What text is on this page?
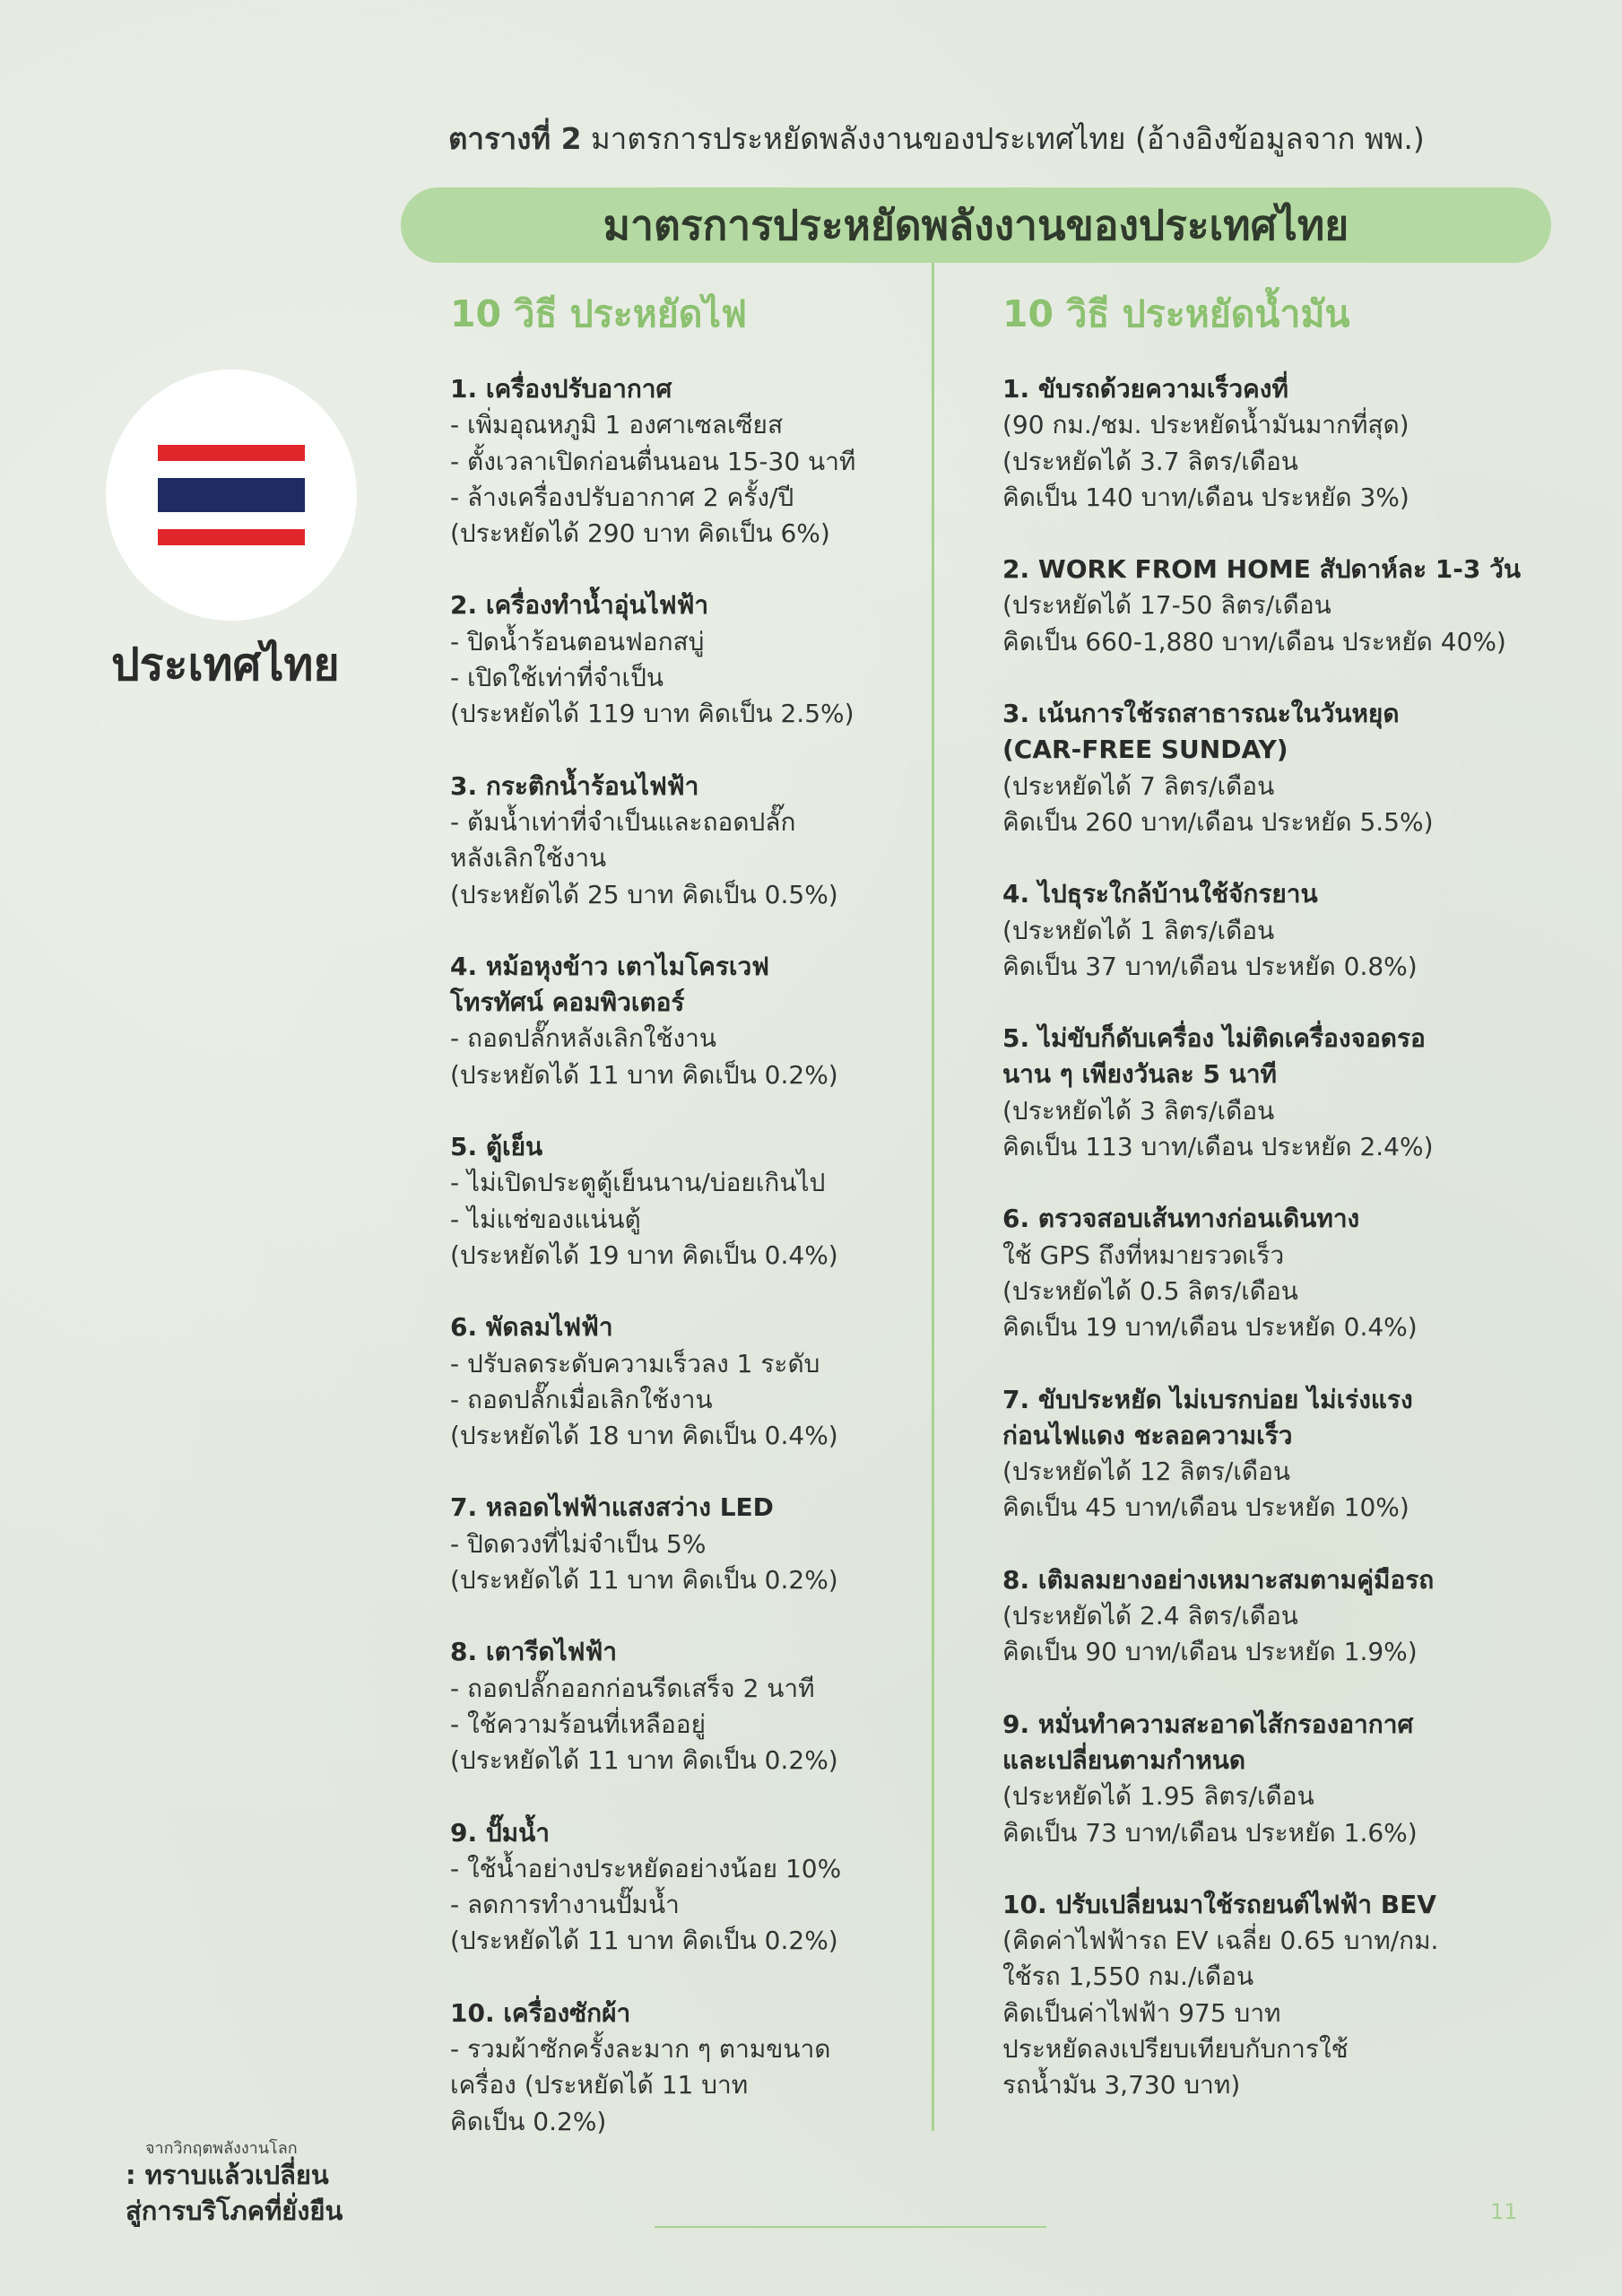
ตารางที่ 2 มาตรการประหยัดพลังงานของประเทศไทย (อ้างอิงข้อมูลจาก พพ.)
มาตรการประหยัดพลังงานของประเทศไทย
ประเทศไทย
10 วิธี ประหยัดไฟ
1. เครื่องปรับอากาศ
- เพิ่มอุณหภูมิ 1 องศาเซลเซียส
- ตั้งเวลาเปิดก่อนตื่นนอน 15-30 นาที
- ล้างเครื่องปรับอากาศ 2 ครั้ง/ปี
(ประหยัดได้ 290 บาท คิดเป็น 6%)
2. เครื่องทำน้ำอุ่นไฟฟ้า
- ปิดน้ำร้อนตอนฟอกสบู่
- เปิดใช้เท่าที่จำเป็น
(ประหยัดได้ 119 บาท คิดเป็น 2.5%)
3. กระติกน้ำร้อนไฟฟ้า
- ต้มน้ำเท่าที่จำเป็นและถอดปลั๊ก
หลังเลิกใช้งาน
(ประหยัดได้ 25 บาท คิดเป็น 0.5%)
4. หม้อหุงข้าว เตาไมโครเวฟ
โทรทัศน์ คอมพิวเตอร์
- ถอดปลั๊กหลังเลิกใช้งาน
(ประหยัดได้ 11 บาท คิดเป็น 0.2%)
5. ตู้เย็น
- ไม่เปิดประตูตู้เย็นนาน/บ่อยเกินไป
- ไม่แช่ของแน่นตู้
(ประหยัดได้ 19 บาท คิดเป็น 0.4%)
6. พัดลมไฟฟ้า
- ปรับลดระดับความเร็วลง 1 ระดับ
- ถอดปลั๊กเมื่อเลิกใช้งาน
(ประหยัดได้ 18 บาท คิดเป็น 0.4%)
7. หลอดไฟฟ้าแสงสว่าง LED
- ปิดดวงที่ไม่จำเป็น 5%
(ประหยัดได้ 11 บาท คิดเป็น 0.2%)
8. เตารีดไฟฟ้า
- ถอดปลั๊กออกก่อนรีดเสร็จ 2 นาที
- ใช้ความร้อนที่เหลืออยู่
(ประหยัดได้ 11 บาท คิดเป็น 0.2%)
9. ปั๊มน้ำ
- ใช้น้ำอย่างประหยัดอย่างน้อย 10%
- ลดการทำงานปั๊มน้ำ
(ประหยัดได้ 11 บาท คิดเป็น 0.2%)
10. เครื่องซักผ้า
- รวมผ้าซักครั้งละมาก ๆ ตามขนาด
เครื่อง (ประหยัดได้ 11 บาท
คิดเป็น 0.2%)
10 วิธี ประหยัดน้ำมัน
1. ขับรถด้วยความเร็วคงที่
(90 กม./ชม. ประหยัดน้ำมันมากที่สุด)
(ประหยัดได้ 3.7 ลิตร/เดือน
คิดเป็น 140 บาท/เดือน ประหยัด 3%)
2. WORK FROM HOME สัปดาห์ละ 1-3 วัน
(ประหยัดได้ 17-50 ลิตร/เดือน
คิดเป็น 660-1,880 บาท/เดือน ประหยัด 40%)
3. เน้นการใช้รถสาธารณะในวันหยุด
(CAR-FREE SUNDAY)
(ประหยัดได้ 7 ลิตร/เดือน
คิดเป็น 260 บาท/เดือน ประหยัด 5.5%)
4. ไปธุระใกล้บ้านใช้จักรยาน
(ประหยัดได้ 1 ลิตร/เดือน
คิดเป็น 37 บาท/เดือน ประหยัด 0.8%)
5. ไม่ขับก็ดับเครื่อง ไม่ติดเครื่องจอดรอ
นาน ๆ เพียงวันละ 5 นาที
(ประหยัดได้ 3 ลิตร/เดือน
คิดเป็น 113 บาท/เดือน ประหยัด 2.4%)
6. ตรวจสอบเส้นทางก่อนเดินทาง
ใช้ GPS ถึงที่หมายรวดเร็ว
(ประหยัดได้ 0.5 ลิตร/เดือน
คิดเป็น 19 บาท/เดือน ประหยัด 0.4%)
7. ขับประหยัด ไม่เบรกบ่อย ไม่เร่งแรง
ก่อนไฟแดง ชะลอความเร็ว
(ประหยัดได้ 12 ลิตร/เดือน
คิดเป็น 45 บาท/เดือน ประหยัด 10%)
8. เติมลมยางอย่างเหมาะสมตามคู่มือรถ
(ประหยัดได้ 2.4 ลิตร/เดือน
คิดเป็น 90 บาท/เดือน ประหยัด 1.9%)
9. หมั่นทำความสะอาดไส้กรองอากาศ
และเปลี่ยนตามกำหนด
(ประหยัดได้ 1.95 ลิตร/เดือน
คิดเป็น 73 บาท/เดือน ประหยัด 1.6%)
10. ปรับเปลี่ยนมาใช้รถยนต์ไฟฟ้า BEV
(คิดค่าไฟฟ้ารถ EV เฉลี่ย 0.65 บาท/กม.
ใช้รถ 1,550 กม./เดือน
คิดเป็นค่าไฟฟ้า 975 บาท
ประหยัดลงเปรียบเทียบกับการใช้
รถน้ำมัน 3,730 บาท)
จากวิกฤตพลังงานโลก
: ทราบแล้วเปลี่ยน
สู่การบริโภคที่ยั่งยืน	11
